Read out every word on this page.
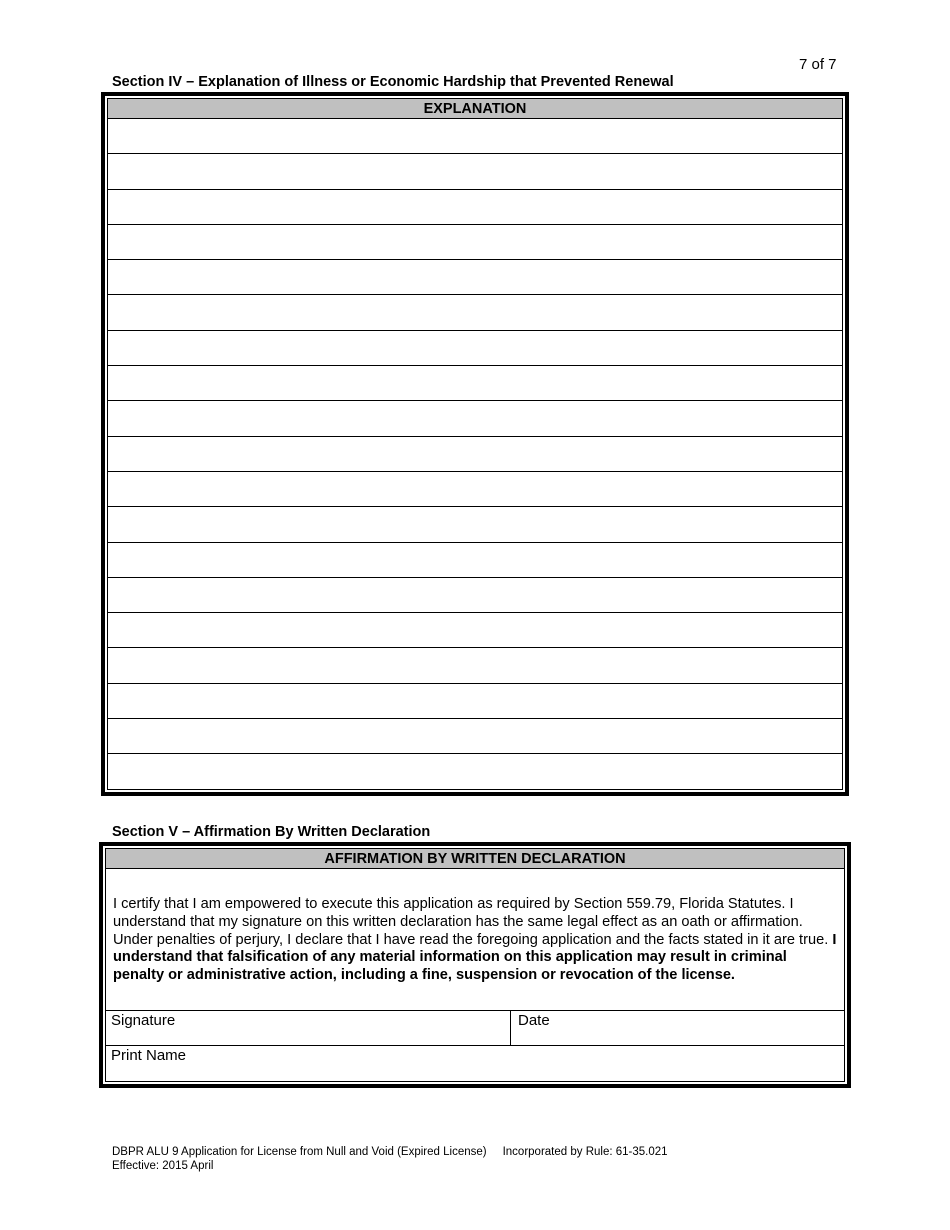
7 of 7
Section IV – Explanation of Illness or Economic Hardship that Prevented Renewal
EXPLANATION
Section V – Affirmation By Written Declaration
AFFIRMATION BY WRITTEN DECLARATION
I certify that I am empowered to execute this application as required by Section 559.79, Florida Statutes. I understand that my signature on this written declaration has the same legal effect as an oath or affirmation. Under penalties of perjury, I declare that I have read the foregoing application and the facts stated in it are true. I understand that falsification of any material information on this application may result in criminal penalty or administrative action, including a fine, suspension or revocation of the license.
Signature	Date
Print Name
DBPR ALU 9 Application for License from Null and Void (Expired License) Incorporated by Rule: 61-35.021
Effective: 2015 April
